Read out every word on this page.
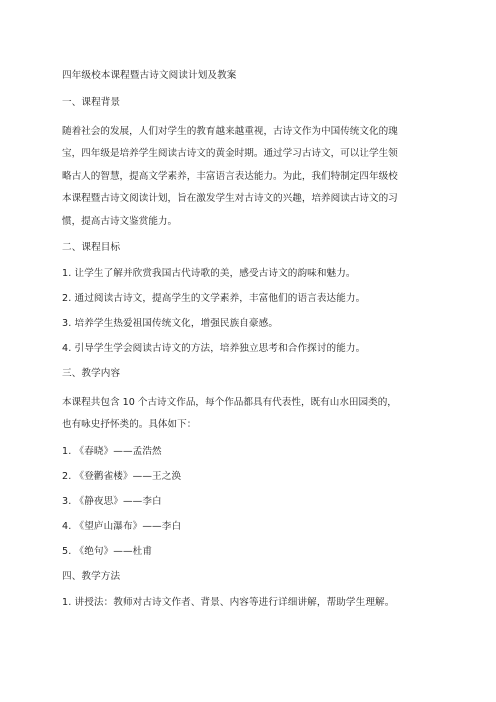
四年级校本课程暨古诗文阅读计划及教案
一、课程背景
随着社会的发展，人们对学生的教育越来越重视，古诗文作为中国传统文化的瑰
宝，四年级是培养学生阅读古诗文的黄金时期。通过学习古诗文，可以让学生领
略古人的智慧，提高文学素养，丰富语言表达能力。为此，我们特制定四年级校
本课程暨古诗文阅读计划，旨在激发学生对古诗文的兴趣，培养阅读古诗文的习
惯，提高古诗文鉴赏能力。
二、课程目标
1. 让学生了解并欣赏我国古代诗歌的美，感受古诗文的韵味和魅力。
2. 通过阅读古诗文，提高学生的文学素养，丰富他们的语言表达能力。
3. 培养学生热爱祖国传统文化，增强民族自豪感。
4. 引导学生学会阅读古诗文的方法，培养独立思考和合作探讨的能力。
三、教学内容
本课程共包含 10 个古诗文作品，每个作品都具有代表性，既有山水田园类的，
也有咏史抒怀类的。具体如下：
1. 《春晓》——孟浩然
2. 《登鹳雀楼》——王之涣
3. 《静夜思》——李白
4. 《望庐山瀑布》——李白
5. 《绝句》——杜甫
四、教学方法
1. 讲授法：教师对古诗文作者、背景、内容等进行详细讲解，帮助学生理解。
